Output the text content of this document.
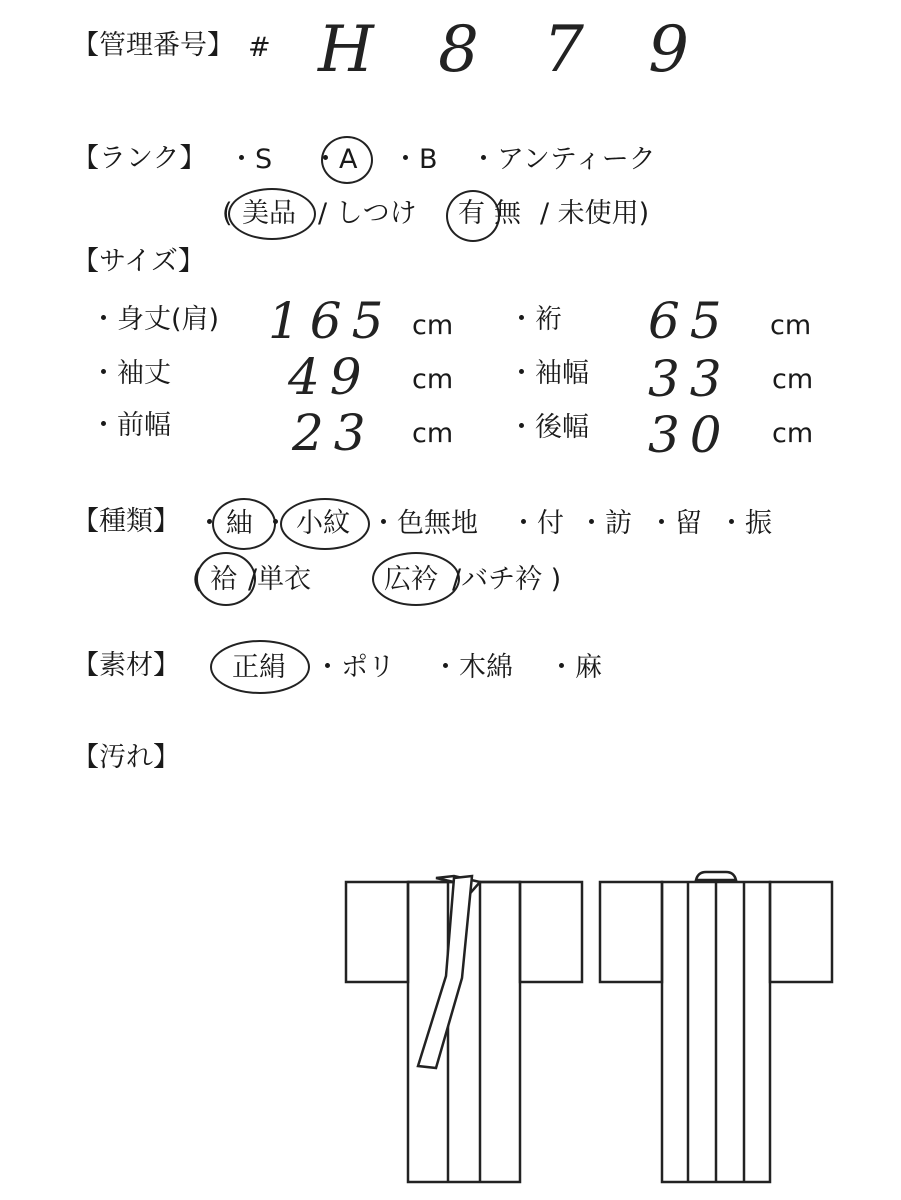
【管理番号】 # H 8 7 9
【ランク】 ・S ・A ・B ・アンティーク
( 美品 / しつけ 有 無 / 未使用)
【サイズ】
・身丈(肩) 165 cm ・裄 65 cm
・袖丈 49 cm ・袖幅 33 cm
・前幅 23 cm ・後幅 30 cm
【種類】 ・ 紬 ・ 小紋 ・色無地 ・付 ・訪 ・留 ・振
( 袷 /単衣	広衿 /バチ衿 )
【素材】 正絹 ・ポリ ・木綿 ・麻
【汚れ】
